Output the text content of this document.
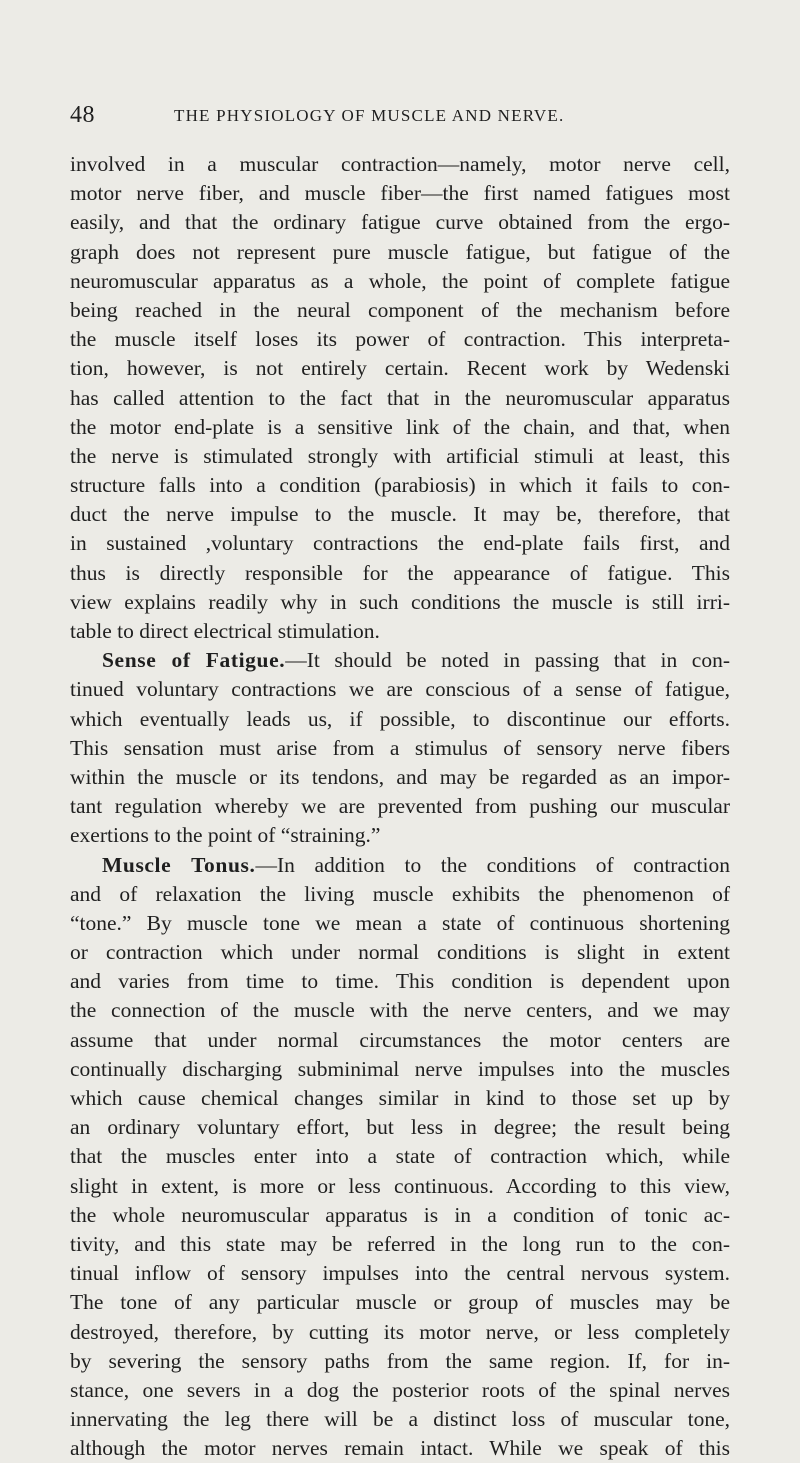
48	THE PHYSIOLOGY OF MUSCLE AND NERVE.
involved in a muscular contraction—namely, motor nerve cell,
motor nerve fiber, and muscle fiber—the first named fatigues most
easily, and that the ordinary fatigue curve obtained from the ergo-
graph does not represent pure muscle fatigue, but fatigue of the
neuromuscular apparatus as a whole, the point of complete fatigue
being reached in the neural component of the mechanism before
the muscle itself loses its power of contraction. This interpreta-
tion, however, is not entirely certain. Recent work by Wedenski
has called attention to the fact that in the neuromuscular apparatus
the motor end-plate is a sensitive link of the chain, and that, when
the nerve is stimulated strongly with artificial stimuli at least, this
structure falls into a condition (parabiosis) in which it fails to con-
duct the nerve impulse to the muscle. It may be, therefore, that
in sustained ,voluntary contractions the end-plate fails first, and
thus is directly responsible for the appearance of fatigue. This
view explains readily why in such conditions the muscle is still irri-
table to direct electrical stimulation.
Sense of Fatigue.—It should be noted in passing that in con-
tinued voluntary contractions we are conscious of a sense of fatigue,
which eventually leads us, if possible, to discontinue our efforts.
This sensation must arise from a stimulus of sensory nerve fibers
within the muscle or its tendons, and may be regarded as an impor-
tant regulation whereby we are prevented from pushing our muscular
exertions to the point of “straining.”
Muscle Tonus.—In addition to the conditions of contraction
and of relaxation the living muscle exhibits the phenomenon of
“tone.” By muscle tone we mean a state of continuous shortening
or contraction which under normal conditions is slight in extent
and varies from time to time. This condition is dependent upon
the connection of the muscle with the nerve centers, and we may
assume that under normal circumstances the motor centers are
continually discharging subminimal nerve impulses into the muscles
which cause chemical changes similar in kind to those set up by
an ordinary voluntary effort, but less in degree; the result being
that the muscles enter into a state of contraction which, while
slight in extent, is more or less continuous. According to this view,
the whole neuromuscular apparatus is in a condition of tonic ac-
tivity, and this state may be referred in the long run to the con-
tinual inflow of sensory impulses into the central nervous system.
The tone of any particular muscle or group of muscles may be
destroyed, therefore, by cutting its motor nerve, or less completely
by severing the sensory paths from the same region. If, for in-
stance, one severs in a dog the posterior roots of the spinal nerves
innervating the leg there will be a distinct loss of muscular tone,
although the motor nerves remain intact. While we speak of this
